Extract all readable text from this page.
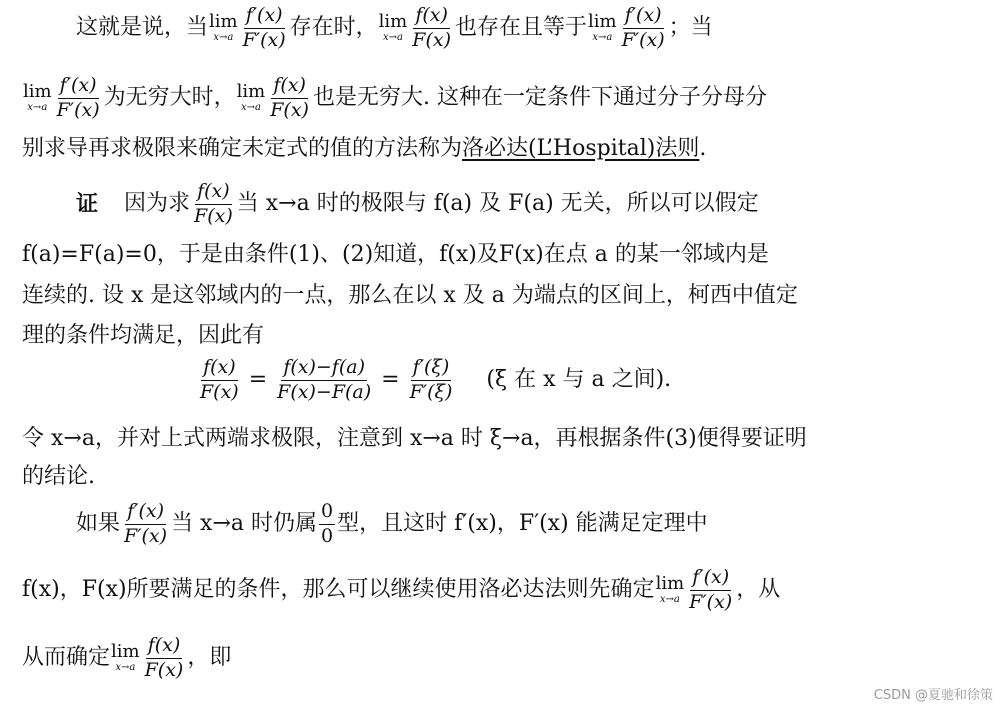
这就是说，当 lim
$x\to a \frac{f'(x)}{F'(x)}$ 存在时， lim
$x\to a \frac{f(x)}{F(x)}$ 也存在且等于 lim
$x\to a \frac{f'(x)}{F'(x)}$ ；当
lim
$x\to a \frac{f'(x)}{F'(x)}$ 为无穷大时， lim
$x\to a \frac{f(x)}{F(x)}$ 也是无穷大. 这种在一定条件下通过分子分母分
别求导再求极限来确定未定式的值的方法称为 洛必达(L’Hospital)法则 .
证 因为求 $\frac{f(x)}{F(x)}$ 当 x→a 时的极限与 f(a) 及 F(a) 无关，所以可以假定
f(a)=F(a)=0，于是由条件(1)、(2)知道，f(x)及F(x)在点 a 的某一邻域内是
连续的. 设 x 是这邻域内的一点，那么在以 x 及 a 为端点的区间上，柯西中值定
理的条件均满足，因此有
$\frac{f(x)}{F(x)} = \frac{f(x)-f(a)}{F(x)-F(a)} = \frac{f'(\xi)}{F'(\xi)} (\xi$ 在 x 与 a 之间).
令 x→a，并对上式两端求极限，注意到 x→a 时 ξ→a，再根据条件(3)便得要证明
的结论.
如果 $\frac{f'(x)}{F'(x)}$ 当 x→a 时仍属 $\frac{0}{0}$ 型，且这时 f′(x)，F′(x) 能满足定理中
f(x)，F(x)所要满足的条件，那么可以继续使用洛必达法则先确定 lim
$x\to a \frac{f'(x)}{F'(x)}$ ，从
从而确定 lim
$x\to a \frac{f(x)}{F(x)}$ ，即
CSDN @夏驰和徐策
